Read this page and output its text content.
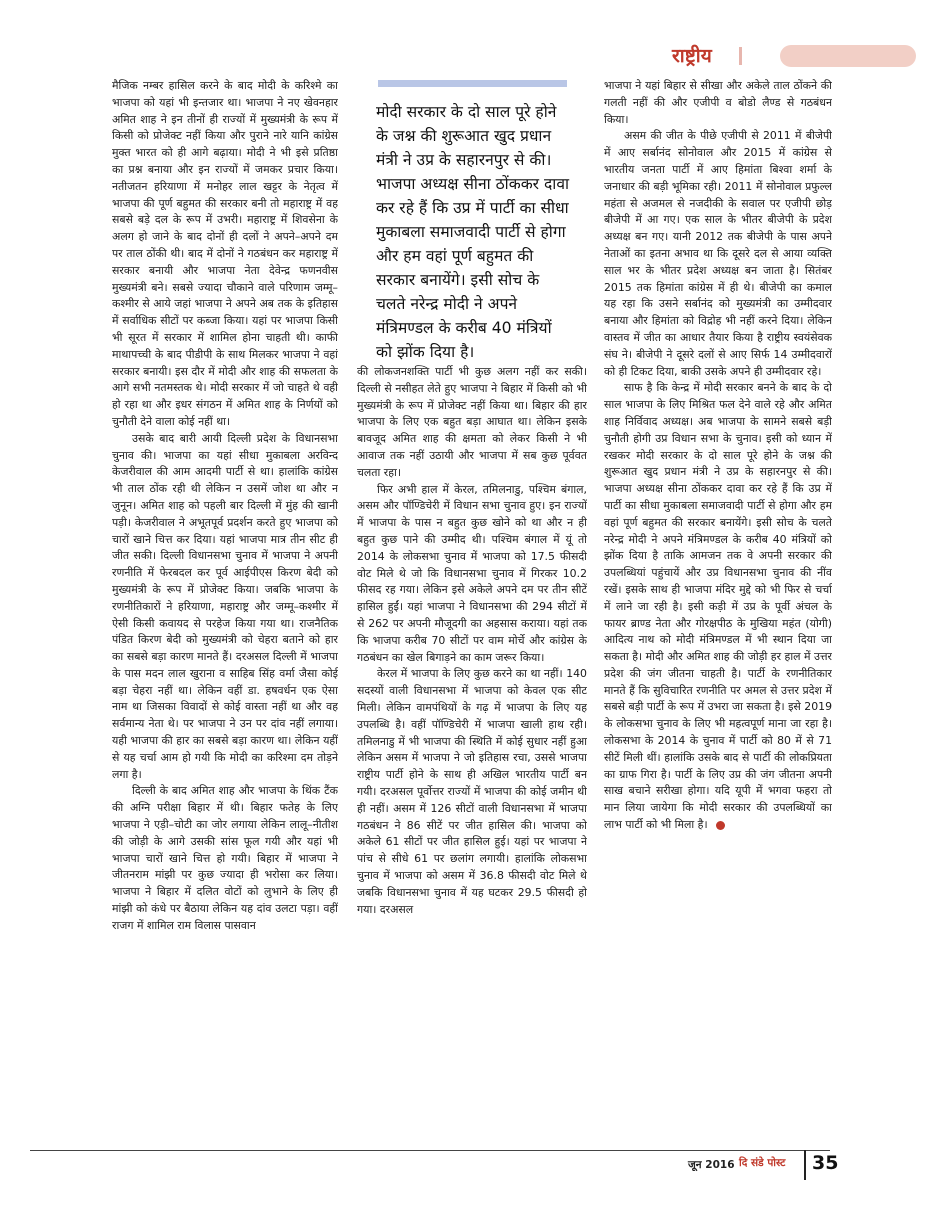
राष्ट्रीय

मैजिक नम्बर हासिल करने के बाद मोदी के करिश्मे का भाजपा को यहां भी इन्तजार था। भाजपा ने नए खेवनहार अमित शाह ने इन तीनों ही राज्यों में मुख्यमंत्री के रूप में किसी को प्रोजेक्ट नहीं किया और पुराने नारे यानि कांग्रेस मुक्त भारत को ही आगे बढ़ाया। मोदी ने भी इसे प्रतिष्ठा का प्रश्न बनाया और इन राज्यों में जमकर प्रचार किया। नतीजतन हरियाणा में मनोहर लाल खट्टर के नेतृत्व में भाजपा की पूर्ण बहुमत की सरकार बनी तो महाराष्ट्र में वह सबसे बड़े दल के रूप में उभरी। महाराष्ट्र में शिवसेना के अलग हो जाने के बाद दोनों ही दलों ने अपने–अपने दम पर ताल ठोंकी थी। बाद में दोनों ने गठबंधन कर महाराष्ट्र में सरकार बनायी और भाजपा नेता देवेन्द्र फणनवीस मुख्यमंत्री बने। सबसे ज्यादा चौकाने वाले परिणाम जम्मू–कश्मीर से आये जहां भाजपा ने अपने अब तक के इतिहास में सर्वाधिक सीटों पर कब्जा किया। यहां पर भाजपा किसी भी सूरत में सरकार में शामिल होना चाहती थी। काफी माथापच्ची के बाद पीडीपी के साथ मिलकर भाजपा ने वहां सरकार बनायी। इस दौर में मोदी और शाह की सफलता के आगे सभी नतमस्तक थे। मोदी सरकार में जो चाहते थे वही हो रहा था और इधर संगठन में अमित शाह के निर्णयों को चुनौती देने वाला कोई नहीं था।

उसके बाद बारी आयी दिल्ली प्रदेश के विधानसभा चुनाव की। भाजपा का यहां सीधा मुकाबला अरविन्द केजरीवाल की आम आदमी पार्टी से था। हालांकि कांग्रेस भी ताल ठोंक रही थी लेकिन न उसमें जोश था और न जुनून। अमित शाह को पहली बार दिल्ली में मुंह की खानी पड़ी। केजरीवाल ने अभूतपूर्व प्रदर्शन करते हुए भाजपा को चारों खाने चित्त कर दिया। यहां भाजपा मात्र तीन सीट ही जीत सकी। दिल्ली विधानसभा चुनाव में भाजपा ने अपनी रणनीति में फेरबदल कर पूर्व आईपीएस किरण बेदी को मुख्यमंत्री के रूप में प्रोजेक्ट किया। जबकि भाजपा के रणनीतिकारों ने हरियाणा, महाराष्ट्र और जम्मू–कश्मीर में ऐसी किसी कवायद से परहेज किया गया था। राजनैतिक पंडित किरण बेदी को मुख्यमंत्री को चेहरा बताने को हार का सबसे बड़ा कारण मानते हैं। दरअसल दिल्ली में भाजपा के पास मदन लाल खुराना व साहिब सिंह वर्मा जैसा कोई बड़ा चेहरा नहीं था। लेकिन वहीं डा. हषवर्धन एक ऐसा नाम था जिसका विवादों से कोई वास्ता नहीं था और वह सर्वमान्य नेता थे। पर भाजपा ने उन पर दांव नहीं लगाया। यही भाजपा की हार का सबसे बड़ा कारण था। लेकिन यहीं से यह चर्चा आम हो गयी कि मोदी का करिश्मा दम तोड़ने लगा है।

दिल्ली के बाद अमित शाह और भाजपा के थिंक टैंक की अग्नि परीक्षा बिहार में थी। बिहार फतेह के लिए भाजपा ने एड़ी–चोटी का जोर लगाया लेकिन लालू–नीतीश की जोड़ी के आगे उसकी सांस फूल गयी और यहां भी भाजपा चारों खाने चित्त हो गयी। बिहार में भाजपा ने जीतनराम मांझी पर कुछ ज्यादा ही भरोसा कर लिया। भाजपा ने बिहार में दलित वोटों को लुभाने के लिए ही मांझी को कंधे पर बैठाया लेकिन यह दांव उलटा पड़ा। वहीं राजग में शामिल राम विलास पासवान

मोदी सरकार के दो साल पूरे होने के जश्न की शुरूआत खुद प्रधान मंत्री ने उप्र के सहारनपुर से की। भाजपा अध्यक्ष सीना ठोंककर दावा कर रहे हैं कि उप्र में पार्टी का सीधा मुकाबला समाजवादी पार्टी से होगा और हम वहां पूर्ण बहुमत की सरकार बनायेंगे। इसी सोच के चलते नरेन्द्र मोदी ने अपने मंत्रिमण्डल के करीब 40 मंत्रियों को झोंक दिया है।

की लोकजनशक्ति पार्टी भी कुछ अलग नहीं कर सकी। दिल्ली से नसीहत लेते हुए भाजपा ने बिहार में किसी को भी मुख्यमंत्री के रूप में प्रोजेक्ट नहीं किया था। बिहार की हार भाजपा के लिए एक बहुत बड़ा आघात था। लेकिन इसके बावजूद अमित शाह की क्षमता को लेकर किसी ने भी आवाज तक नहीं उठायी और भाजपा में सब कुछ पूर्ववत चलता रहा।

फिर अभी हाल में केरल, तमिलनाडु, पश्चिम बंगाल, असम और पॉण्डिचेरी में विधान सभा चुनाव हुए। इन राज्यों में भाजपा के पास न बहुत कुछ खोने को था और न ही बहुत कुछ पाने की उम्मीद थी। पश्चिम बंगाल में यूं तो 2014 के लोकसभा चुनाव में भाजपा को 17.5 फीसदी वोट मिले थे जो कि विधानसभा चुनाव में गिरकर 10.2 फीसद रह गया। लेकिन इसे अकेले अपने दम पर तीन सीटें हासिल हुईं। यहां भाजपा ने विधानसभा की 294 सीटों में से 262 पर अपनी मौजूदगी का अहसास कराया। यहां तक कि भाजपा करीब 70 सीटों पर वाम मोर्चे और कांग्रेस के गठबंधन का खेल बिगाड़ने का काम जरूर किया।

केरल में भाजपा के लिए कुछ करने का था नहीं। 140 सदस्यों वाली विधानसभा में भाजपा को केवल एक सीट मिली। लेकिन वामपंथियों के गढ़ में भाजपा के लिए यह उपलब्धि है। वहीं पॉण्डिचेरी में भाजपा खाली हाथ रही। तमिलनाडु में भी भाजपा की स्थिति में कोई सुधार नहीं हुआ लेकिन असम में भाजपा ने जो इतिहास रचा, उससे भाजपा राष्ट्रीय पार्टी होने के साथ ही अखिल भारतीय पार्टी बन गयी। दरअसल पूर्वोत्तर राज्यों में भाजपा की कोई जमीन थी ही नहीं। असम में 126 सीटों वाली विधानसभा में भाजपा गठबंधन ने 86 सीटें पर जीत हासिल की। भाजपा को अकेले 61 सीटों पर जीत हासिल हुई। यहां पर भाजपा ने पांच से सीधे 61 पर छलांग लगायी। हालांकि लोकसभा चुनाव में भाजपा को असम में 36.8 फीसदी वोट मिले थे जबकि विधानसभा चुनाव में यह घटकर 29.5 फीसदी हो गया। दरअसल

भाजपा ने यहां बिहार से सीखा और अकेले ताल ठोंकने की गलती नहीं की और एजीपी व बोडो लैण्ड से गठबंधन किया।

असम की जीत के पीछे एजीपी से 2011 में बीजेपी में आए सर्बानंद सोनोवाल और 2015 में कांग्रेस से भारतीय जनता पार्टी में आए हिमांता बिश्वा शर्मा के जनाधार की बड़ी भूमिका रही। 2011 में सोनोवाल प्रफुल्ल महंता से अजमल से नजदीकी के सवाल पर एजीपी छोड़ बीजेपी में आ गए। एक साल के भीतर बीजेपी के प्रदेश अध्यक्ष बन गए। यानी 2012 तक बीजेपी के पास अपने नेताओं का इतना अभाव था कि दूसरे दल से आया व्यक्ति साल भर के भीतर प्रदेश अध्यक्ष बन जाता है। सितंबर 2015 तक हिमांता कांग्रेस में ही थे। बीजेपी का कमाल यह रहा कि उसने सर्बानंद को मुख्यमंत्री का उम्मीदवार बनाया और हिमांता को विद्रोह भी नहीं करने दिया। लेकिन वास्तव में जीत का आधार तैयार किया है राष्ट्रीय स्वयंसेवक संघ ने। बीजेपी ने दूसरे दलों से आए सिर्फ 14 उम्मीदवारों को ही टिकट दिया, बाकी उसके अपने ही उम्मीदवार रहे।

साफ है कि केन्द्र में मोदी सरकार बनने के बाद के दो साल भाजपा के लिए मिश्रित फल देने वाले रहे और अमित शाह निर्विवाद अध्यक्ष। अब भाजपा के सामने सबसे बड़ी चुनौती होगी उप्र विधान सभा के चुनाव। इसी को ध्यान में रखकर मोदी सरकार के दो साल पूरे होने के जश्न की शुरूआत खुद प्रधान मंत्री ने उप्र के सहारनपुर से की। भाजपा अध्यक्ष सीना ठोंककर दावा कर रहे हैं कि उप्र में पार्टी का सीधा मुकाबला समाजवादी पार्टी से होगा और हम वहां पूर्ण बहुमत की सरकार बनायेंगे। इसी सोच के चलते नरेन्द्र मोदी ने अपने मंत्रिमण्डल के करीब 40 मंत्रियों को झोंक दिया है ताकि आमजन तक वे अपनी सरकार की उपलब्धियां पहुंचायें और उप्र विधानसभा चुनाव की नींव रखें। इसके साथ ही भाजपा मंदिर मुद्दे को भी फिर से चर्चा में लाने जा रही है। इसी कड़ी में उप्र के पूर्वी अंचल के फायर ब्राण्ड नेता और गोरक्षपीठ के मुखिया महंत (योगी) आदित्य नाथ को मोदी मंत्रिमण्डल में भी स्थान दिया जा सकता है। मोदी और अमित शाह की जोड़ी हर हाल में उत्तर प्रदेश की जंग जीतना चाहती है। पार्टी के रणनीतिकार मानते हैं कि सुविचारित रणनीति पर अमल से उत्तर प्रदेश में सबसे बड़ी पार्टी के रूप में उभरा जा सकता है। इसे 2019 के लोकसभा चुनाव के लिए भी महत्वपूर्ण माना जा रहा है। लोकसभा के 2014 के चुनाव में पार्टी को 80 में से 71 सीटें मिली थीं। हालांकि उसके बाद से पार्टी की लोकप्रियता का ग्राफ गिरा है। पार्टी के लिए उप्र की जंग जीतना अपनी साख बचाने सरीखा होगा। यदि यूपी में भगवा फहरा तो मान लिया जायेगा कि मोदी सरकार की उपलब्धियों का लाभ पार्टी को भी मिला है।

जून 2016 दि संडे पोस्ट 35
